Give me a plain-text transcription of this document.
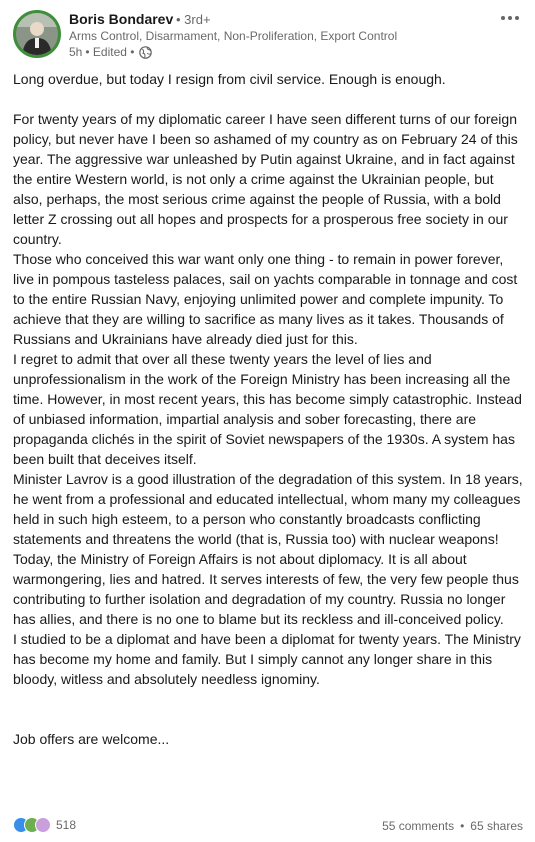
Boris Bondarev • 3rd+
Arms Control, Disarmament, Non-Proliferation, Export Control
5h • Edited •

Long overdue, but today I resign from civil service. Enough is enough.

For twenty years of my diplomatic career I have seen different turns of our foreign policy, but never have I been so ashamed of my country as on February 24 of this year. The aggressive war unleashed by Putin against Ukraine, and in fact against the entire Western world, is not only a crime against the Ukrainian people, but also, perhaps, the most serious crime against the people of Russia, with a bold letter Z crossing out all hopes and prospects for a prosperous free society in our country.

Those who conceived this war want only one thing - to remain in power forever, live in pompous tasteless palaces, sail on yachts comparable in tonnage and cost to the entire Russian Navy, enjoying unlimited power and complete impunity. To achieve that they are willing to sacrifice as many lives as it takes. Thousands of Russians and Ukrainians have already died just for this.

I regret to admit that over all these twenty years the level of lies and unprofessionalism in the work of the Foreign Ministry has been increasing all the time. However, in most recent years, this has become simply catastrophic. Instead of unbiased information, impartial analysis and sober forecasting, there are propaganda clichés in the spirit of Soviet newspapers of the 1930s. A system has been built that deceives itself.

Minister Lavrov is a good illustration of the degradation of this system. In 18 years, he went from a professional and educated intellectual, whom many my colleagues held in such high esteem, to a person who constantly broadcasts conflicting statements and threatens the world (that is, Russia too) with nuclear weapons!

Today, the Ministry of Foreign Affairs is not about diplomacy. It is all about warmongering, lies and hatred. It serves interests of few, the very few people thus contributing to further isolation and degradation of my country. Russia no longer has allies, and there is no one to blame but its reckless and ill-conceived policy.

I studied to be a diplomat and have been a diplomat for twenty years. The Ministry has become my home and family. But I simply cannot any longer share in this bloody, witless and absolutely needless ignominy.

Job offers are welcome...

518	55 comments • 65 shares
